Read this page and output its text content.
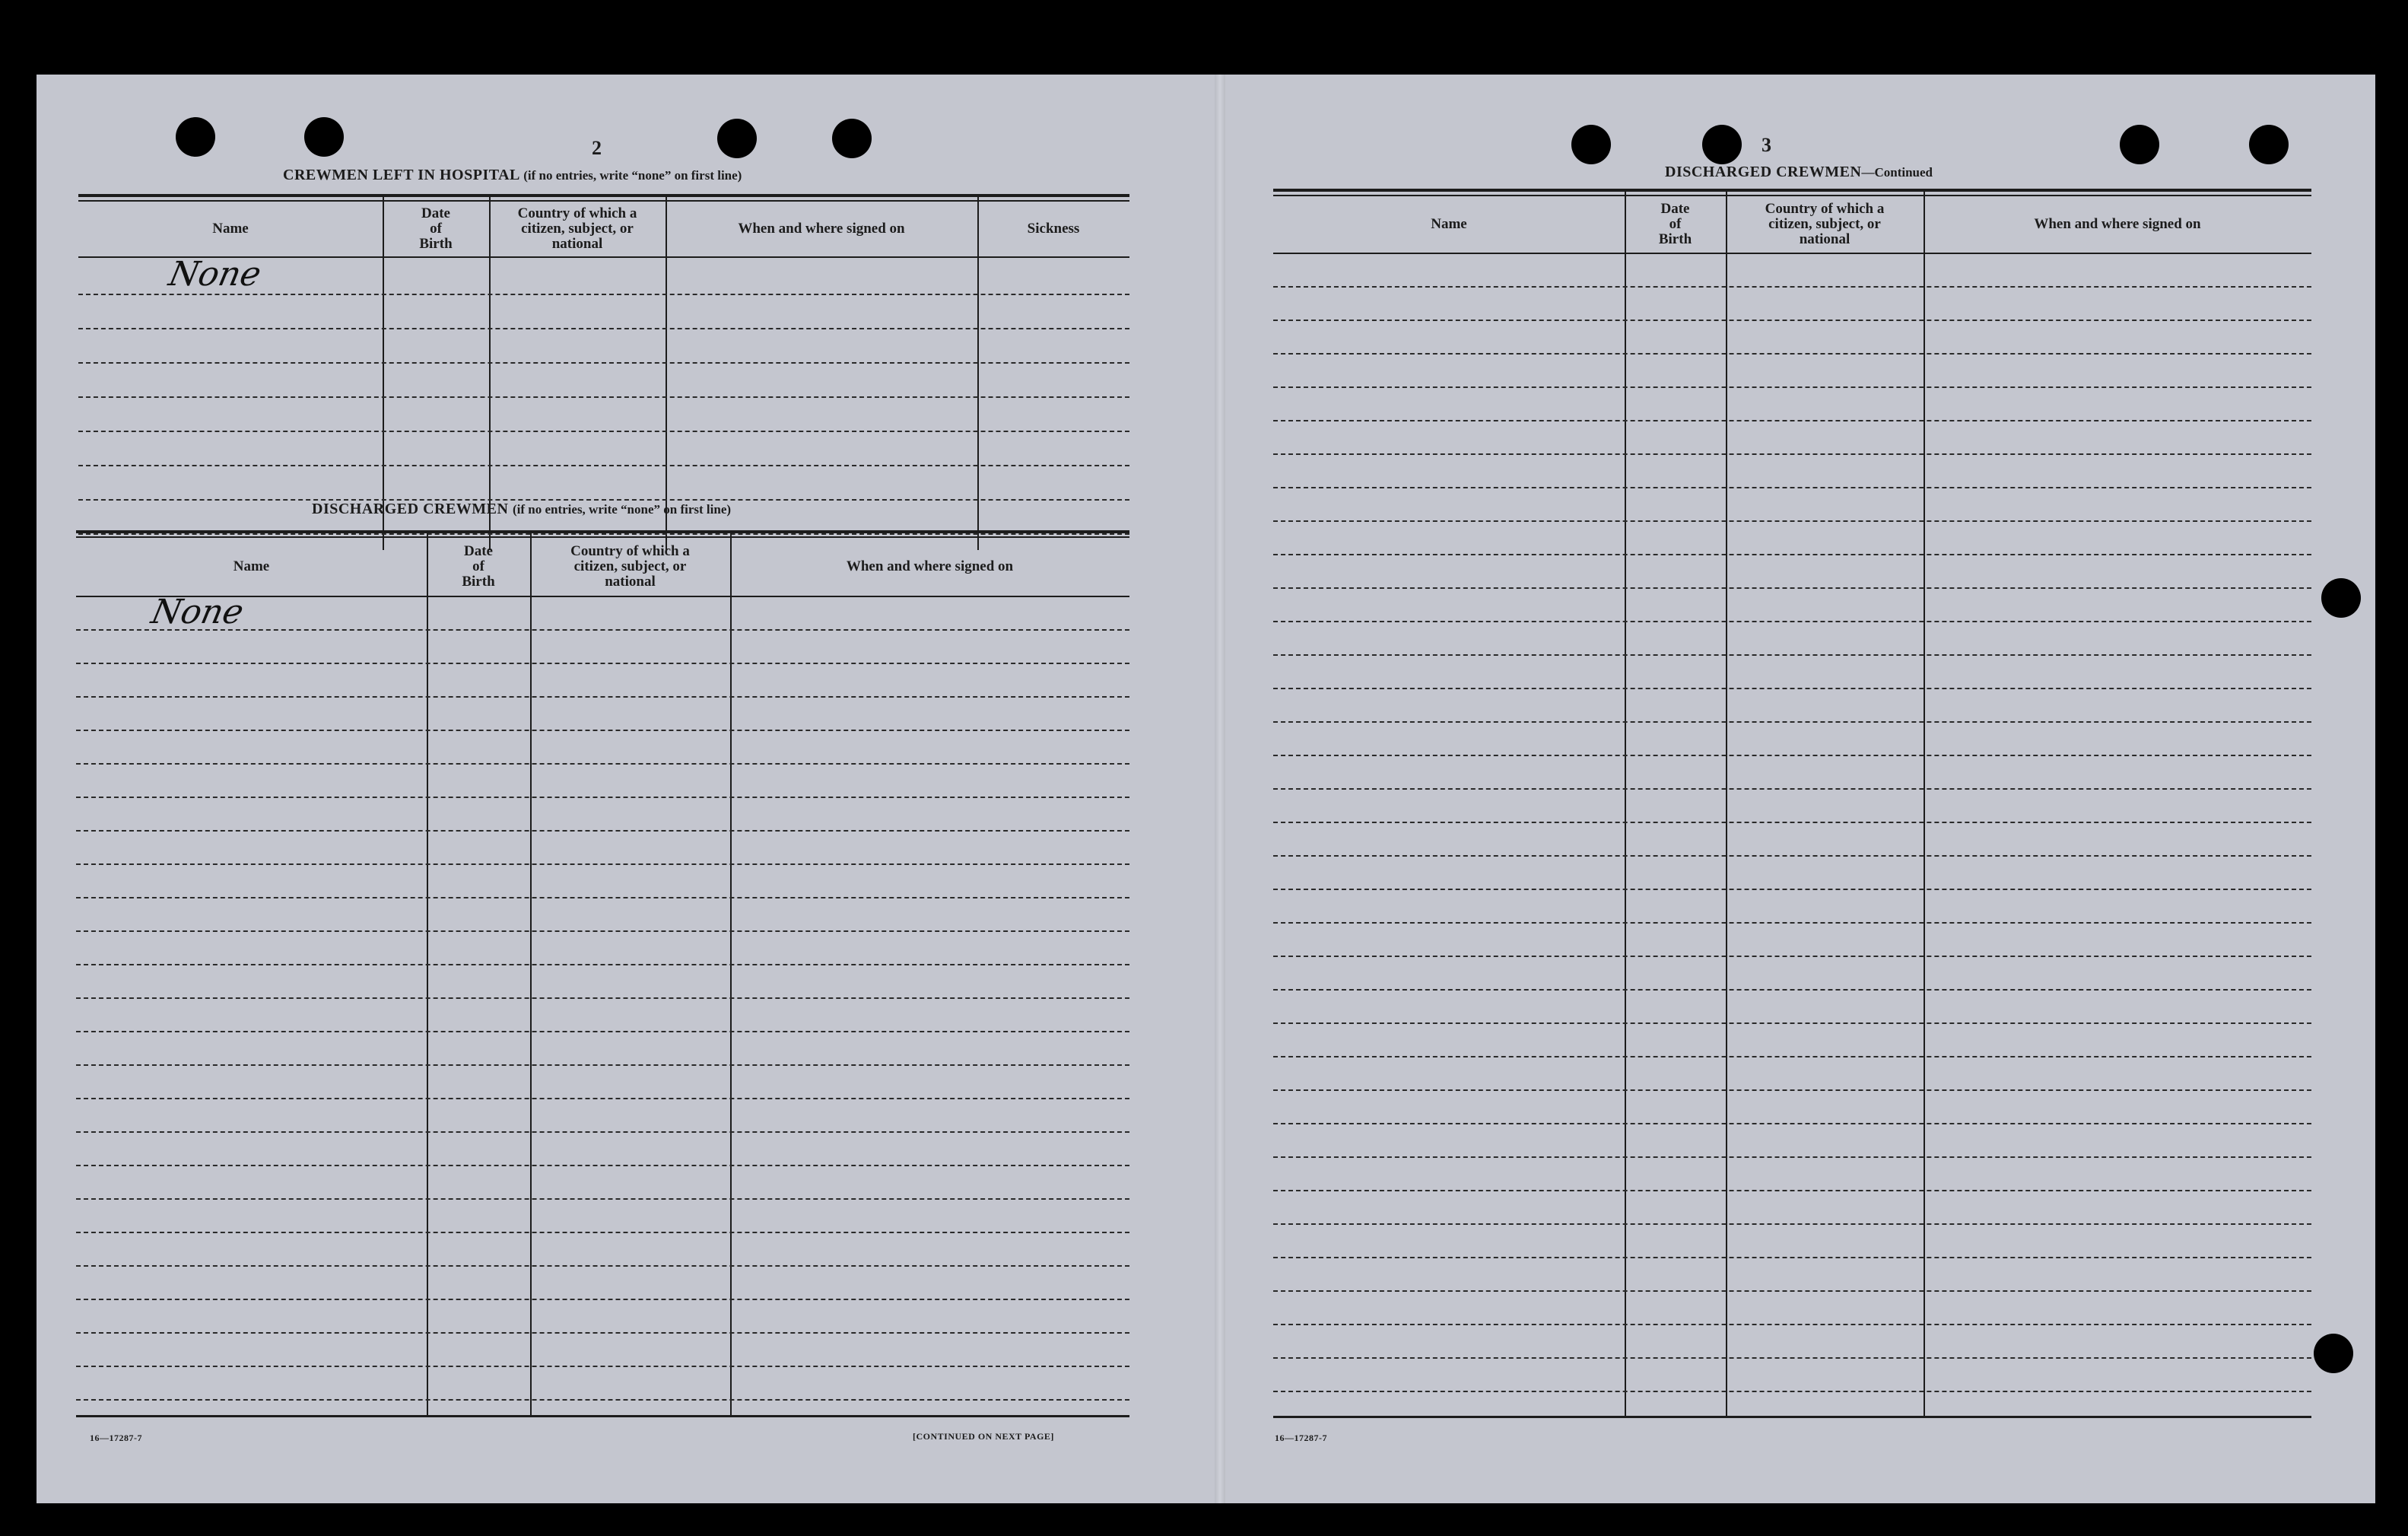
2
CREWMEN LEFT IN HOSPITAL (if no entries, write “none” on first line)
Name
Date
of
Birth
Country of which a
citizen, subject, or
national
When and where signed on	Sickness
None
DISCHARGED CREWMEN (if no entries, write “none” on first line)
Name
Date
of
Birth
Country of which a
citizen, subject, or
national
When and where signed on
None
16—17287-7	[CONTINUED ON NEXT PAGE]
3
DISCHARGED CREWMEN—Continued
Name
Date
of
Birth
Country of which a
citizen, subject, or
national
When and where signed on
16—17287-7
